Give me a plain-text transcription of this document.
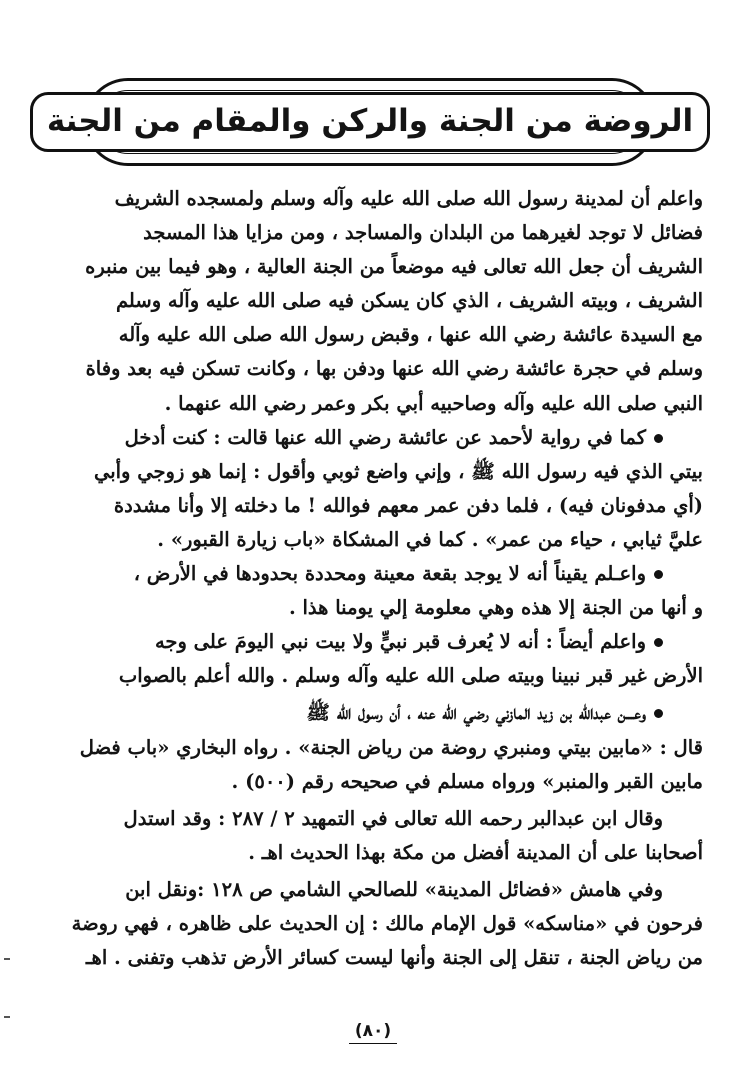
الروضة من الجنة والركن والمقام من الجنة
واعلم أن لمدينة رسول الله صلى الله عليه وآله وسلم ولمسجده الشريف
فضائل لا توجد لغيرهما من البلدان والمساجد ، ومن مزايا هذا المسجد
الشريف أن جعل الله تعالى فيه موضعاً من الجنة العالية ، وهو فيما بين منبره
الشريف ، وبيته الشريف ، الذي كان يسكن فيه صلى الله عليه وآله وسلم
مع السيدة عائشة رضي الله عنها ، وقبض رسول الله صلى الله عليه وآله
وسلم في حجرة عائشة رضي الله عنها ودفن بها ، وكانت تسكن فيه بعد وفاة
النبي صلى الله عليه وآله وصاحبيه أبي بكر وعمر رضي الله عنهما .
كما في رواية لأحمد عن عائشة رضي الله عنها قالت : كنت أدخل
بيتي الذي فيه رسول الله ﷺ ، وإني واضع ثوبي وأقول : إنما هو زوجي وأبي
(أي مدفونان فيه) ، فلما دفن عمر معهم فوالله ! ما دخلته إلا وأنا مشددة
عليَّ ثيابي ، حياء من عمر» . كما في المشكاة «باب زيارة القبور» .
واعـلم يقيناً أنه لا يوجد بقعة معينة ومحددة بحدودها في الأرض ،
و أنها من الجنة إلا هذه وهي معلومة إلي يومنا هذا .
واعلم أيضاً : أنه لا يُعرف قبر نبيٍّ ولا بيت نبي اليومَ على وجه
الأرض غير قبر نبينا وبيته صلى الله عليه وآله وسلم . والله أعلم بالصواب
وعـــن عبدالله بن زيد المازني رضي الله عنه ، أن رسول الله ﷺ
قال : «مابين بيتي ومنبري روضة من رياض الجنة» . رواه البخاري «باب فضل
مابين القبر والمنبر» ورواه مسلم في صحيحه رقم (٥٠٠) .
وقال ابن عبدالبر رحمه الله تعالى في التمهيد ٢ / ٢٨٧ : وقد استدل
أصحابنا على أن المدينة أفضل من مكة بهذا الحديث اهـ .
وفي هامش «فضائل المدينة» للصالحي الشامي ص ١٢٨ :ونقل ابن
فرحون في «مناسكه» قول الإمام مالك : إن الحديث على ظاهره ، فهي روضة
من رياض الجنة ، تنقل إلى الجنة وأنها ليست كسائر الأرض تذهب وتفنى . اهـ
(٨٠)
